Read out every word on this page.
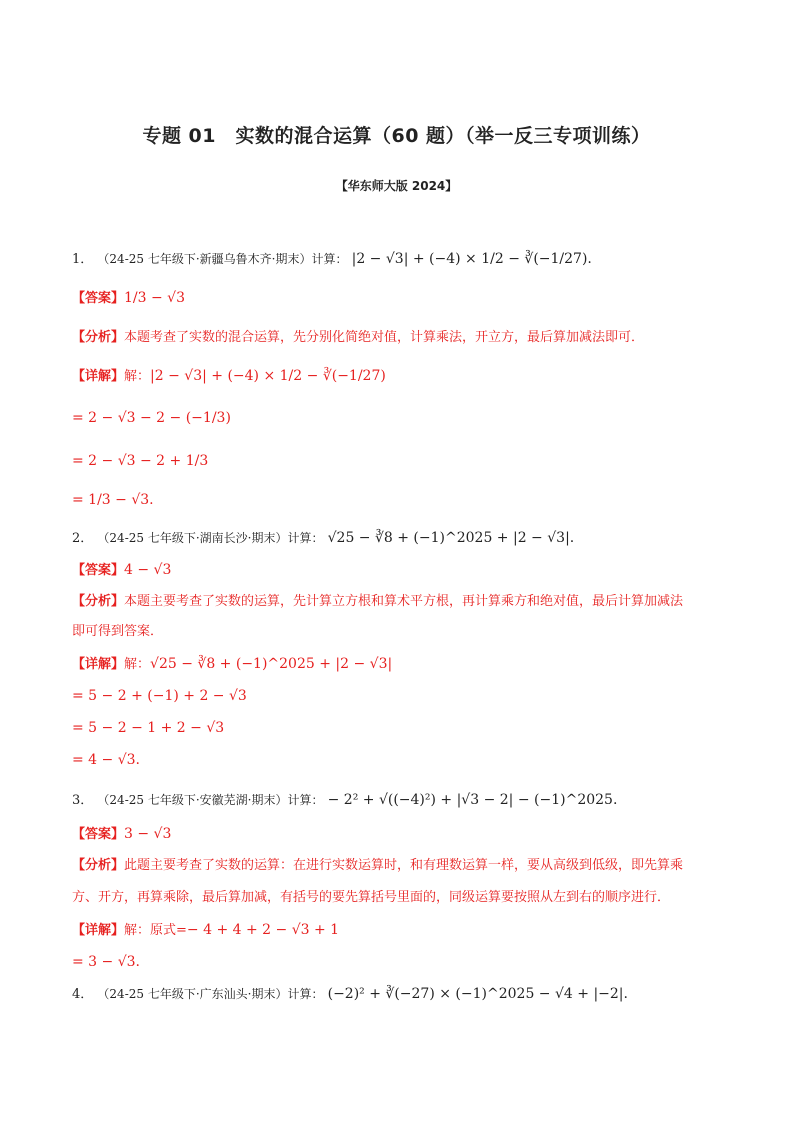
专题 01　实数的混合运算（60 题）（举一反三专项训练）
【华东师大版 2024】
1． （24-25 七年级下·新疆乌鲁木齐·期末）计算： |2 − √3| + (−4) × 1/2 − ∛(−1/27).
【答案】1/3 − √3
【分析】本题考查了实数的混合运算，先分别化简绝对值，计算乘法，开立方，最后算加减法即可．
【详解】解：|2 − √3| + (−4) × 1/2 − ∛(−1/27)
= 2 − √3 − 2 − (−1/3)
= 2 − √3 − 2 + 1/3
= 1/3 − √3.
2． （24-25 七年级下·湖南长沙·期末）计算： √25 − ∛8 + (−1)^2025 + |2 − √3|.
【答案】4 − √3
【分析】本题主要考查了实数的运算，先计算立方根和算术平方根，再计算乘方和绝对值，最后计算加减法
即可得到答案．
【详解】解：√25 − ∛8 + (−1)^2025 + |2 − √3|
= 5 − 2 + (−1) + 2 − √3
= 5 − 2 − 1 + 2 − √3
= 4 − √3.
3． （24-25 七年级下·安徽芜湖·期末）计算： − 2² + √((−4)²) + |√3 − 2| − (−1)^2025.
【答案】3 − √3
【分析】此题主要考查了实数的运算：在进行实数运算时，和有理数运算一样，要从高级到低级，即先算乘
方、开方，再算乘除，最后算加减，有括号的要先算括号里面的，同级运算要按照从左到右的顺序进行．
【详解】解：原式=− 4 + 4 + 2 − √3 + 1
= 3 − √3.
4． （24-25 七年级下·广东汕头·期末）计算： (−2)² + ∛(−27) × (−1)^2025 − √4 + |−2|.
